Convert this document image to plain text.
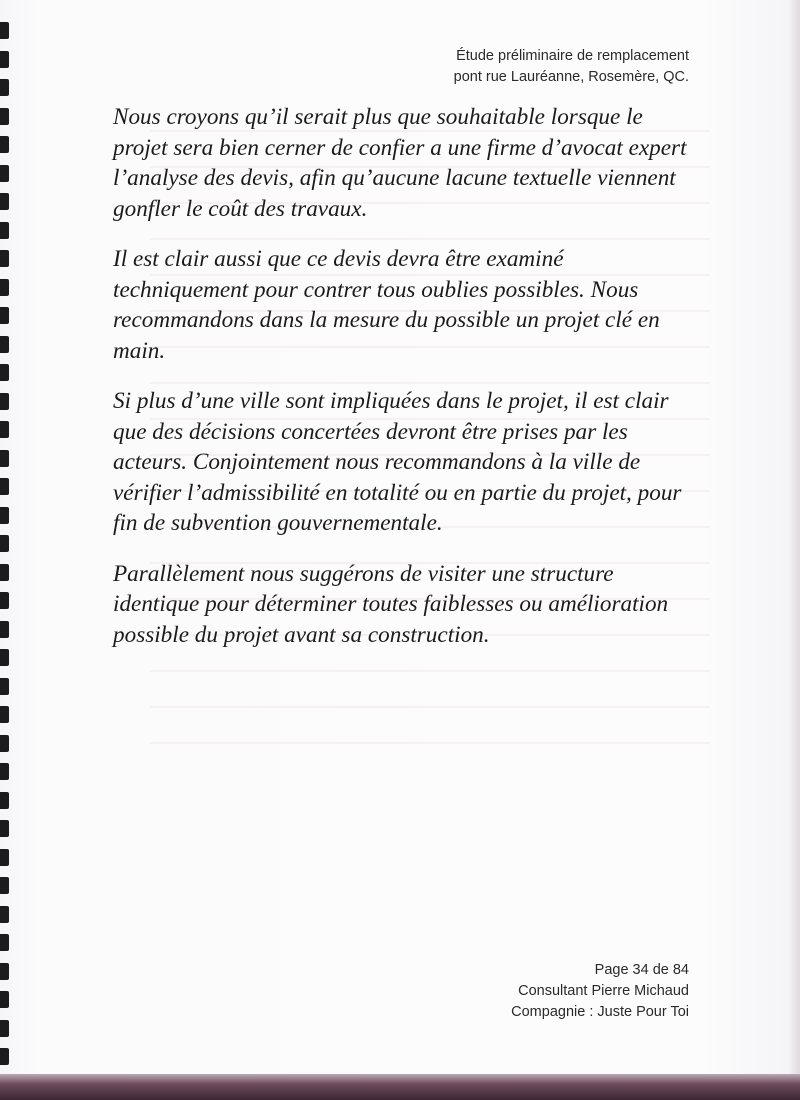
Étude préliminaire de remplacement
pont rue Lauréanne, Rosemère, QC.

Nous croyons qu’il serait plus que souhaitable lorsque le projet sera bien cerner de confier a une firme d’avocat expert l’analyse des devis, afin qu’aucune lacune textuelle viennent gonfler le coût des travaux.

Il est clair aussi que ce devis devra être examiné techniquement pour contrer tous oublies possibles. Nous recommandons dans la mesure du possible un projet clé en main.

Si plus d’une ville sont impliquées dans le projet, il est clair que des décisions concertées devront être prises par les acteurs. Conjointement nous recommandons à la ville de vérifier l’admissibilité en totalité ou en partie du projet, pour fin de subvention gouvernementale.

Parallèlement nous suggérons de visiter une structure identique pour déterminer toutes faiblesses ou amélioration possible du projet avant sa construction.

Page 34 de 84
Consultant Pierre Michaud
Compagnie : Juste Pour Toi
